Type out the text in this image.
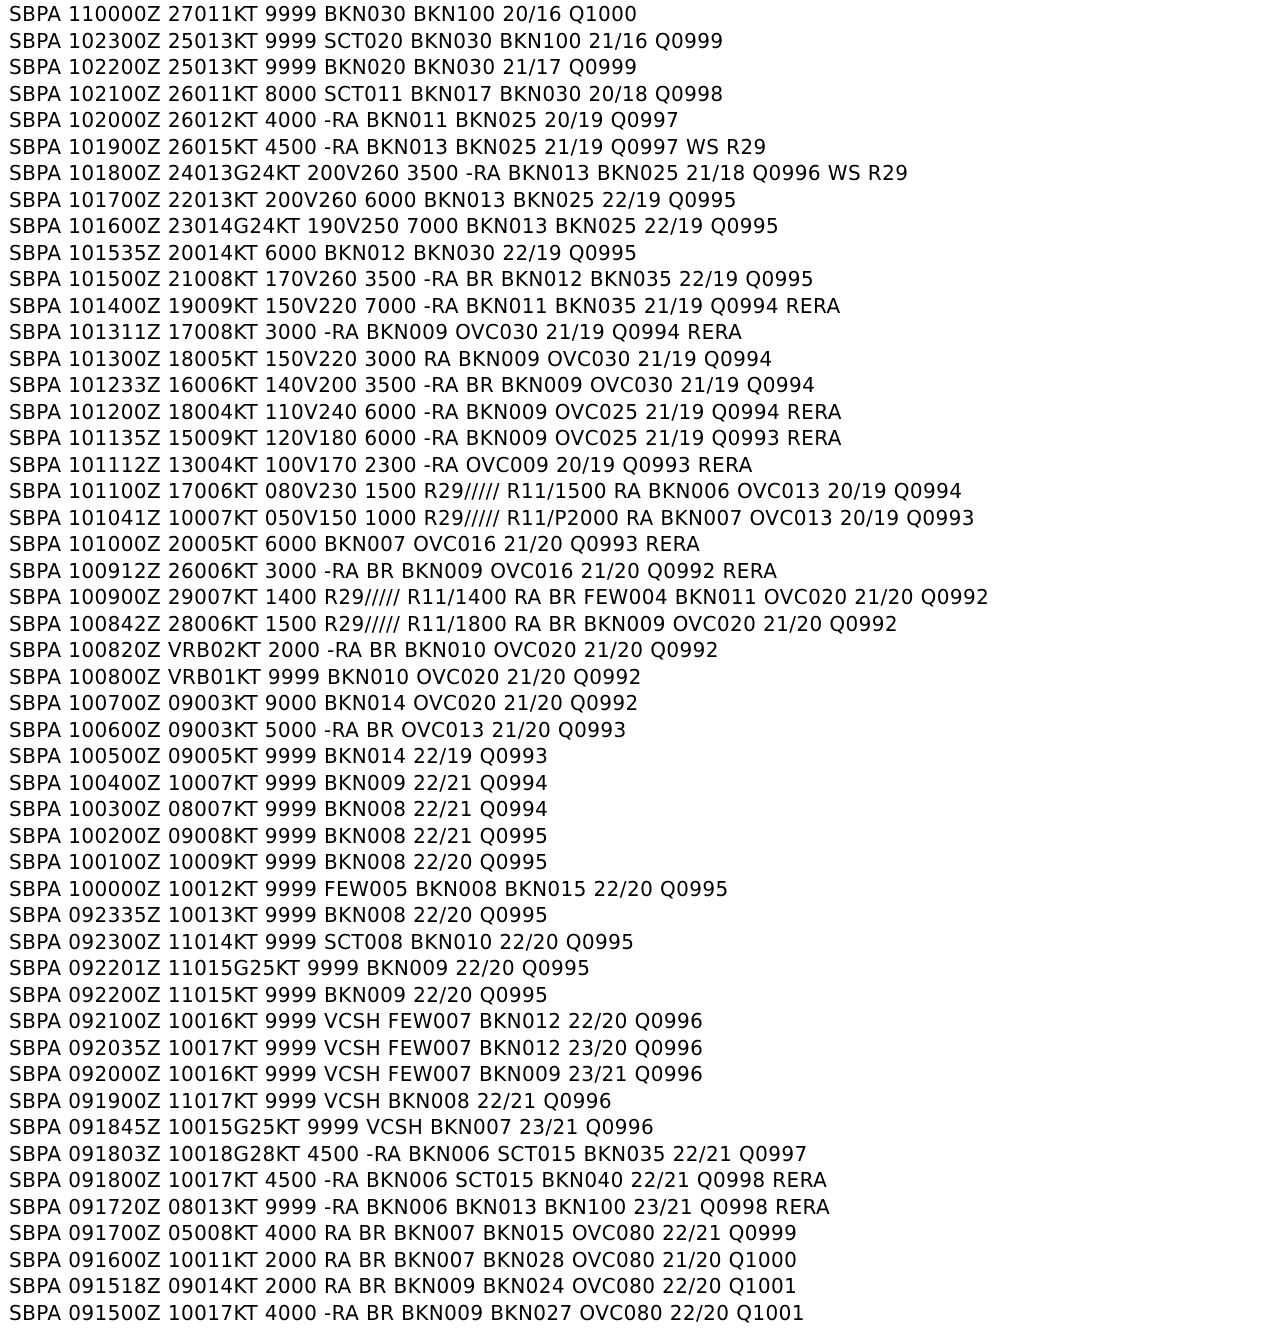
SBPA 110000Z 27011KT 9999 BKN030 BKN100 20/16 Q1000
SBPA 102300Z 25013KT 9999 SCT020 BKN030 BKN100 21/16 Q0999
SBPA 102200Z 25013KT 9999 BKN020 BKN030 21/17 Q0999
SBPA 102100Z 26011KT 8000 SCT011 BKN017 BKN030 20/18 Q0998
SBPA 102000Z 26012KT 4000 -RA BKN011 BKN025 20/19 Q0997
SBPA 101900Z 26015KT 4500 -RA BKN013 BKN025 21/19 Q0997 WS R29
SBPA 101800Z 24013G24KT 200V260 3500 -RA BKN013 BKN025 21/18 Q0996 WS R29
SBPA 101700Z 22013KT 200V260 6000 BKN013 BKN025 22/19 Q0995
SBPA 101600Z 23014G24KT 190V250 7000 BKN013 BKN025 22/19 Q0995
SBPA 101535Z 20014KT 6000 BKN012 BKN030 22/19 Q0995
SBPA 101500Z 21008KT 170V260 3500 -RA BR BKN012 BKN035 22/19 Q0995
SBPA 101400Z 19009KT 150V220 7000 -RA BKN011 BKN035 21/19 Q0994 RERA
SBPA 101311Z 17008KT 3000 -RA BKN009 OVC030 21/19 Q0994 RERA
SBPA 101300Z 18005KT 150V220 3000 RA BKN009 OVC030 21/19 Q0994
SBPA 101233Z 16006KT 140V200 3500 -RA BR BKN009 OVC030 21/19 Q0994
SBPA 101200Z 18004KT 110V240 6000 -RA BKN009 OVC025 21/19 Q0994 RERA
SBPA 101135Z 15009KT 120V180 6000 -RA BKN009 OVC025 21/19 Q0993 RERA
SBPA 101112Z 13004KT 100V170 2300 -RA OVC009 20/19 Q0993 RERA
SBPA 101100Z 17006KT 080V230 1500 R29///// R11/1500 RA BKN006 OVC013 20/19 Q0994
SBPA 101041Z 10007KT 050V150 1000 R29///// R11/P2000 RA BKN007 OVC013 20/19 Q0993
SBPA 101000Z 20005KT 6000 BKN007 OVC016 21/20 Q0993 RERA
SBPA 100912Z 26006KT 3000 -RA BR BKN009 OVC016 21/20 Q0992 RERA
SBPA 100900Z 29007KT 1400 R29///// R11/1400 RA BR FEW004 BKN011 OVC020 21/20 Q0992
SBPA 100842Z 28006KT 1500 R29///// R11/1800 RA BR BKN009 OVC020 21/20 Q0992
SBPA 100820Z VRB02KT 2000 -RA BR BKN010 OVC020 21/20 Q0992
SBPA 100800Z VRB01KT 9999 BKN010 OVC020 21/20 Q0992
SBPA 100700Z 09003KT 9000 BKN014 OVC020 21/20 Q0992
SBPA 100600Z 09003KT 5000 -RA BR OVC013 21/20 Q0993
SBPA 100500Z 09005KT 9999 BKN014 22/19 Q0993
SBPA 100400Z 10007KT 9999 BKN009 22/21 Q0994
SBPA 100300Z 08007KT 9999 BKN008 22/21 Q0994
SBPA 100200Z 09008KT 9999 BKN008 22/21 Q0995
SBPA 100100Z 10009KT 9999 BKN008 22/20 Q0995
SBPA 100000Z 10012KT 9999 FEW005 BKN008 BKN015 22/20 Q0995
SBPA 092335Z 10013KT 9999 BKN008 22/20 Q0995
SBPA 092300Z 11014KT 9999 SCT008 BKN010 22/20 Q0995
SBPA 092201Z 11015G25KT 9999 BKN009 22/20 Q0995
SBPA 092200Z 11015KT 9999 BKN009 22/20 Q0995
SBPA 092100Z 10016KT 9999 VCSH FEW007 BKN012 22/20 Q0996
SBPA 092035Z 10017KT 9999 VCSH FEW007 BKN012 23/20 Q0996
SBPA 092000Z 10016KT 9999 VCSH FEW007 BKN009 23/21 Q0996
SBPA 091900Z 11017KT 9999 VCSH BKN008 22/21 Q0996
SBPA 091845Z 10015G25KT 9999 VCSH BKN007 23/21 Q0996
SBPA 091803Z 10018G28KT 4500 -RA BKN006 SCT015 BKN035 22/21 Q0997
SBPA 091800Z 10017KT 4500 -RA BKN006 SCT015 BKN040 22/21 Q0998 RERA
SBPA 091720Z 08013KT 9999 -RA BKN006 BKN013 BKN100 23/21 Q0998 RERA
SBPA 091700Z 05008KT 4000 RA BR BKN007 BKN015 OVC080 22/21 Q0999
SBPA 091600Z 10011KT 2000 RA BR BKN007 BKN028 OVC080 21/20 Q1000
SBPA 091518Z 09014KT 2000 RA BR BKN009 BKN024 OVC080 22/20 Q1001
SBPA 091500Z 10017KT 4000 -RA BR BKN009 BKN027 OVC080 22/20 Q1001
